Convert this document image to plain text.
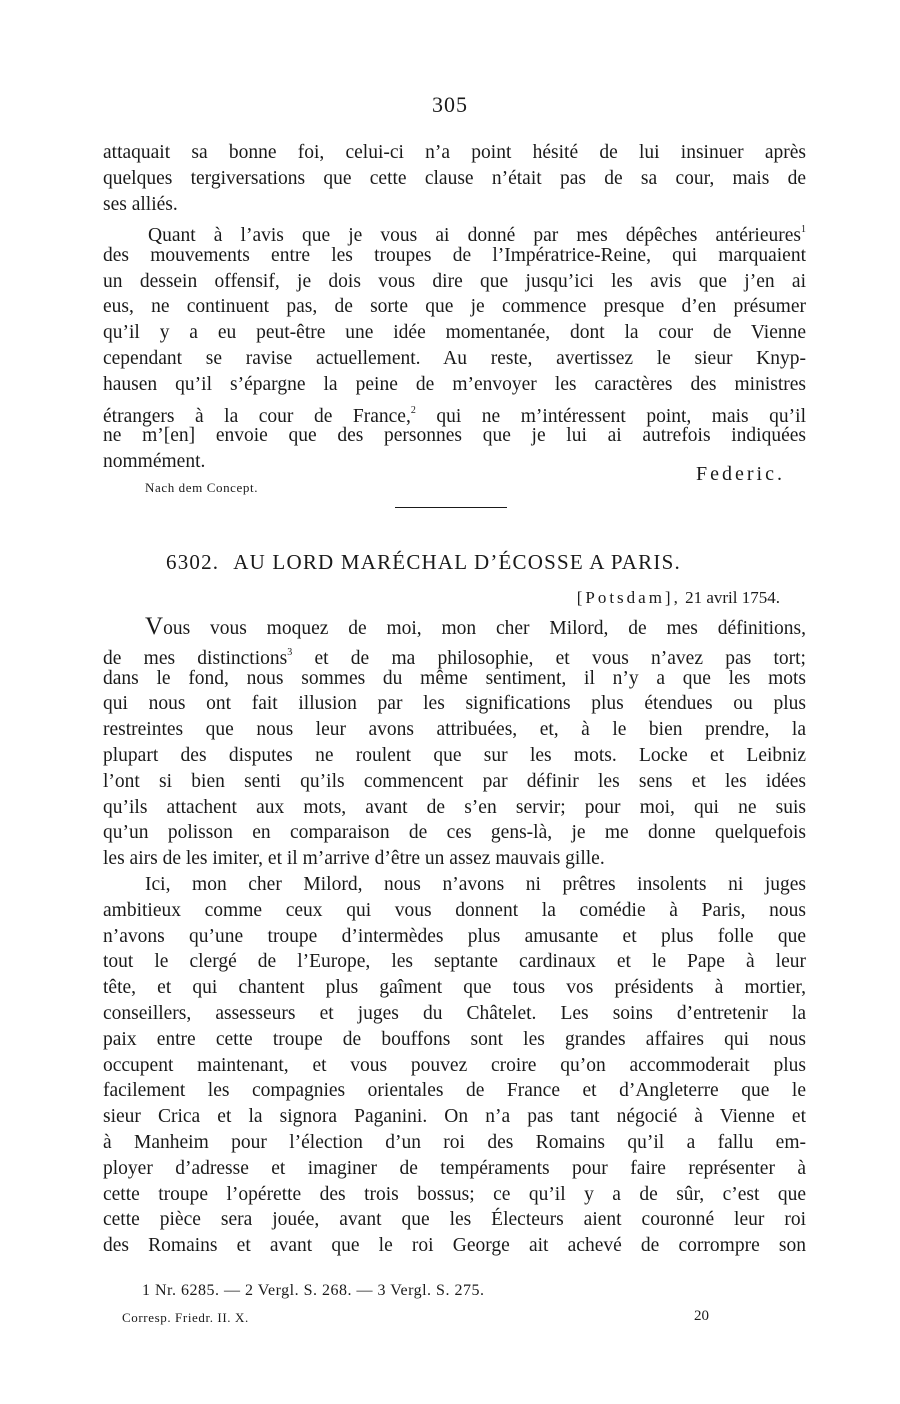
305
attaquait sa bonne foi, celui-ci n’a point hésité de lui insinuer après
quelques tergiversations que cette clause n’était pas de sa cour, mais de
ses alliés.
Quant à l’avis que je vous ai donné par mes dépêches antérieures$^1$
des mouvements entre les troupes de l’Impératrice-Reine, qui marquaient
un dessein offensif, je dois vous dire que jusqu’ici les avis que j’en ai
eus, ne continuent pas, de sorte que je commence presque d’en présumer
qu’il y a eu peut-être une idée momentanée, dont la cour de Vienne
cependant se ravise actuellement. Au reste, avertissez le sieur Knyp-
hausen qu’il s’épargne la peine de m’envoyer les caractères des ministres
étrangers à la cour de France,$^2$ qui ne m’intéressent point, mais qu’il
ne m’[en] envoie que des personnes que je lui ai autrefois indiquées
nommément.
Federic.
Nach dem Concept.
6302. AU LORD MARÉCHAL D’ÉCOSSE A PARIS.
[Potsdam], 21 avril 1754.
Vous vous moquez de moi, mon cher Milord, de mes définitions,
de mes distinctions$^3$ et de ma philosophie, et vous n’avez pas tort;
dans le fond, nous sommes du même sentiment, il n’y a que les mots
qui nous ont fait illusion par les significations plus étendues ou plus
restreintes que nous leur avons attribuées, et, à le bien prendre, la
plupart des disputes ne roulent que sur les mots. Locke et Leibniz
l’ont si bien senti qu’ils commencent par définir les sens et les idées
qu’ils attachent aux mots, avant de s’en servir; pour moi, qui ne suis
qu’un polisson en comparaison de ces gens-là, je me donne quelquefois
les airs de les imiter, et il m’arrive d’être un assez mauvais gille.
Ici, mon cher Milord, nous n’avons ni prêtres insolents ni juges
ambitieux comme ceux qui vous donnent la comédie à Paris, nous
n’avons qu’une troupe d’intermèdes plus amusante et plus folle que
tout le clergé de l’Europe, les septante cardinaux et le Pape à leur
tête, et qui chantent plus gaîment que tous vos présidents à mortier,
conseillers, assesseurs et juges du Châtelet. Les soins d’entretenir la
paix entre cette troupe de bouffons sont les grandes affaires qui nous
occupent maintenant, et vous pouvez croire qu’on accommoderait plus
facilement les compagnies orientales de France et d’Angleterre que le
sieur Crica et la signora Paganini. On n’a pas tant négocié à Vienne et
à Manheim pour l’élection d’un roi des Romains qu’il a fallu em-
ployer d’adresse et imaginer de tempéraments pour faire représenter à
cette troupe l’opérette des trois bossus; ce qu’il y a de sûr, c’est que
cette pièce sera jouée, avant que les Électeurs aient couronné leur roi
des Romains et avant que le roi George ait achevé de corrompre son
1 Nr. 6285. — 2 Vergl. S. 268. — 3 Vergl. S. 275.
Corresp. Friedr. II. X.	20
